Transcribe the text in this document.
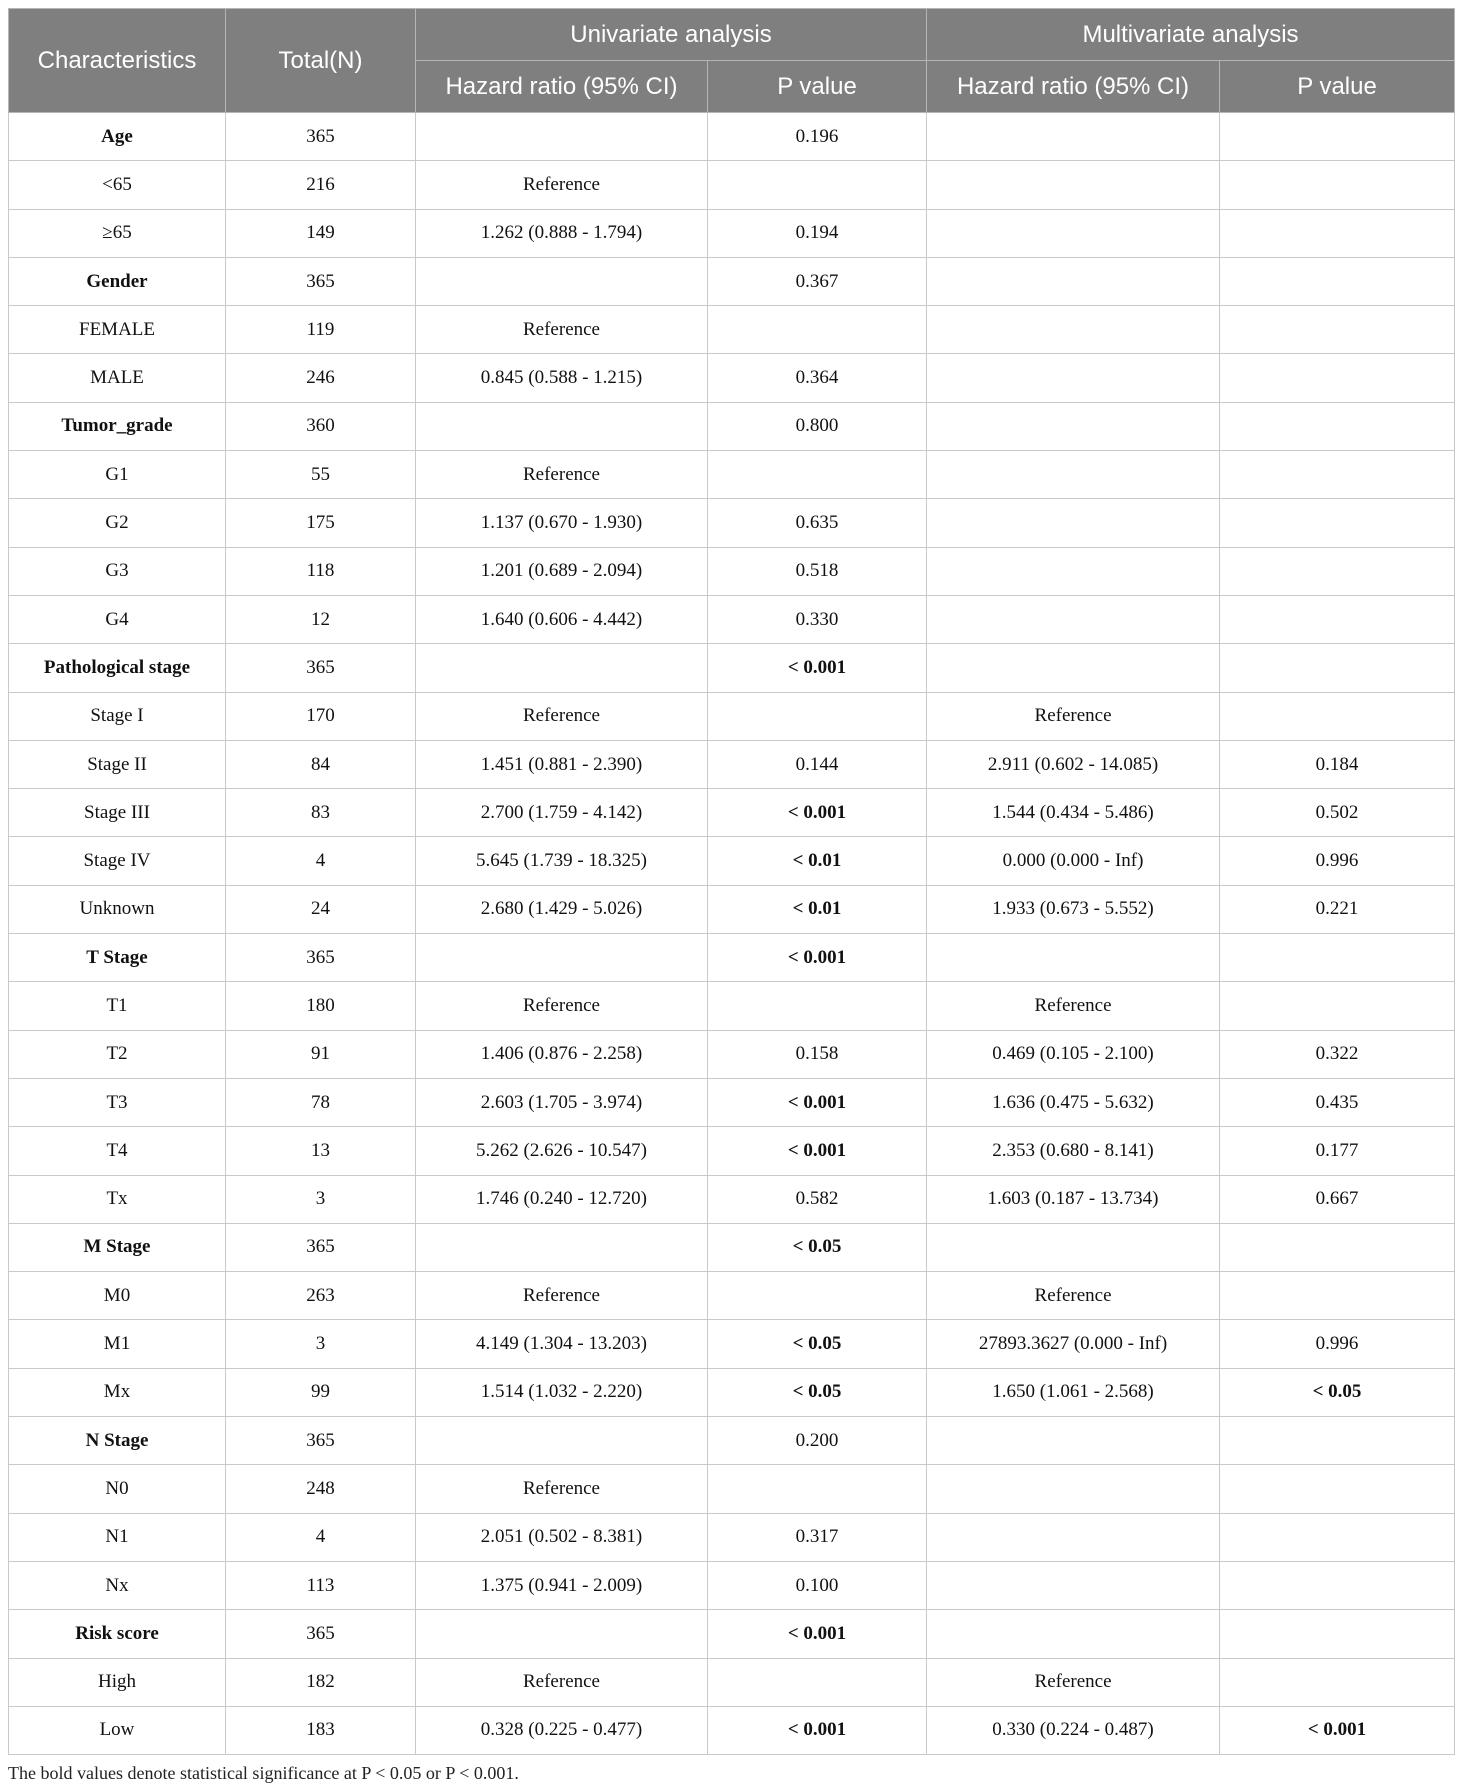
Characteristics	Total(N)	Univariate analysis		Multivariate analysis	
		Hazard ratio (95% CI)	P value	Hazard ratio (95% CI)	P value
Age	365		0.196		
<65	216	Reference			
≥65	149	1.262 (0.888 - 1.794)	0.194		
Gender	365		0.367		
FEMALE	119	Reference			
MALE	246	0.845 (0.588 - 1.215)	0.364		
Tumor_grade	360		0.800		
G1	55	Reference			
G2	175	1.137 (0.670 - 1.930)	0.635		
G3	118	1.201 (0.689 - 2.094)	0.518		
G4	12	1.640 (0.606 - 4.442)	0.330		
Pathological stage	365		< 0.001		
Stage I	170	Reference		Reference	
Stage II	84	1.451 (0.881 - 2.390)	0.144	2.911 (0.602 - 14.085)	0.184
Stage III	83	2.700 (1.759 - 4.142)	< 0.001	1.544 (0.434 - 5.486)	0.502
Stage IV	4	5.645 (1.739 - 18.325)	< 0.01	0.000 (0.000 - Inf)	0.996
Unknown	24	2.680 (1.429 - 5.026)	< 0.01	1.933 (0.673 - 5.552)	0.221
T Stage	365		< 0.001		
T1	180	Reference		Reference	
T2	91	1.406 (0.876 - 2.258)	0.158	0.469 (0.105 - 2.100)	0.322
T3	78	2.603 (1.705 - 3.974)	< 0.001	1.636 (0.475 - 5.632)	0.435
T4	13	5.262 (2.626 - 10.547)	< 0.001	2.353 (0.680 - 8.141)	0.177
Tx	3	1.746 (0.240 - 12.720)	0.582	1.603 (0.187 - 13.734)	0.667
M Stage	365		< 0.05		
M0	263	Reference		Reference	
M1	3	4.149 (1.304 - 13.203)	< 0.05	27893.3627 (0.000 - Inf)	0.996
Mx	99	1.514 (1.032 - 2.220)	< 0.05	1.650 (1.061 - 2.568)	< 0.05
N Stage	365		0.200		
N0	248	Reference			
N1	4	2.051 (0.502 - 8.381)	0.317		
Nx	113	1.375 (0.941 - 2.009)	0.100		
Risk score	365		< 0.001		
High	182	Reference		Reference	
Low	183	0.328 (0.225 - 0.477)	< 0.001	0.330 (0.224 - 0.487)	< 0.001
The bold values denote statistical significance at P < 0.05 or P < 0.001.
